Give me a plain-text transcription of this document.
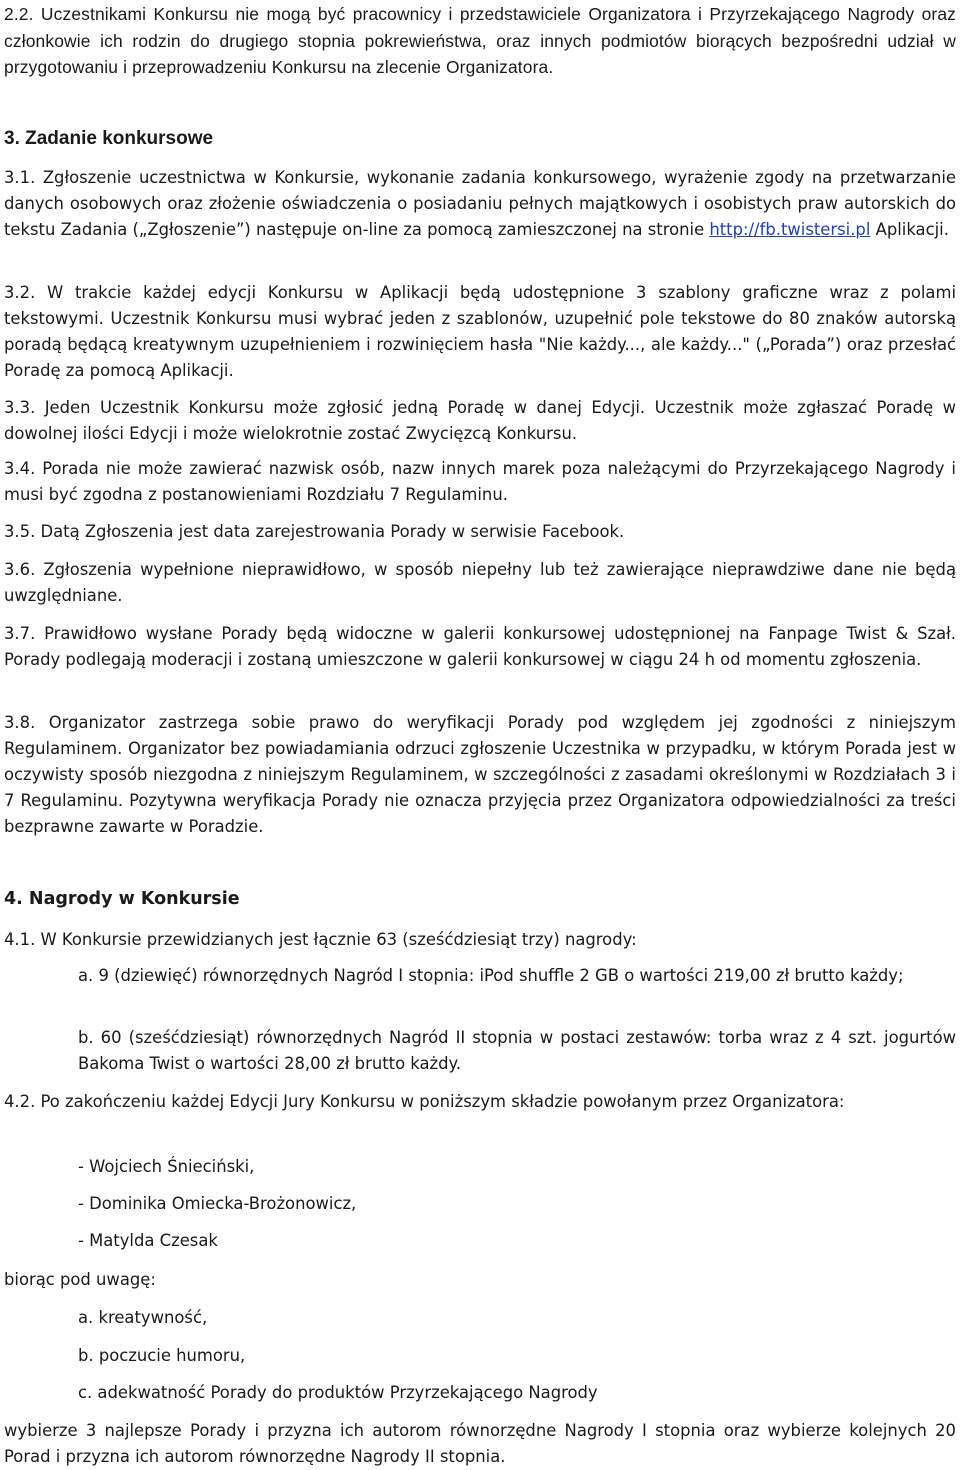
2.2. Uczestnikami Konkursu nie mogą być pracownicy i przedstawiciele Organizatora i Przyrzekającego Nagrody oraz członkowie ich rodzin do drugiego stopnia pokrewieństwa, oraz innych podmiotów biorących bezpośredni udział w przygotowaniu i przeprowadzeniu Konkursu na zlecenie Organizatora.

3. Zadanie konkursowe

3.1. Zgłoszenie uczestnictwa w Konkursie, wykonanie zadania konkursowego, wyrażenie zgody na przetwarzanie danych osobowych oraz złożenie oświadczenia o posiadaniu pełnych majątkowych i osobistych praw autorskich do tekstu Zadania („Zgłoszenie”) następuje on-line za pomocą zamieszczonej na stronie http://fb.twistersi.pl Aplikacji.

3.2. W trakcie każdej edycji Konkursu w Aplikacji będą udostępnione 3 szablony graficzne wraz z polami tekstowymi. Uczestnik Konkursu musi wybrać jeden z szablonów, uzupełnić pole tekstowe do 80 znaków autorską poradą będącą kreatywnym uzupełnieniem i rozwinięciem hasła "Nie każdy..., ale każdy..." („Porada”) oraz przesłać Poradę za pomocą Aplikacji.

3.3. Jeden Uczestnik Konkursu może zgłosić jedną Poradę w danej Edycji. Uczestnik może zgłaszać Poradę w dowolnej ilości Edycji i może wielokrotnie zostać Zwycięzcą Konkursu.

3.4. Porada nie może zawierać nazwisk osób, nazw innych marek poza należącymi do Przyrzekającego Nagrody i musi być zgodna z postanowieniami Rozdziału 7 Regulaminu.

3.5. Datą Zgłoszenia jest data zarejestrowania Porady w serwisie Facebook.

3.6. Zgłoszenia wypełnione nieprawidłowo, w sposób niepełny lub też zawierające nieprawdziwe dane nie będą uwzględniane.

3.7. Prawidłowo wysłane Porady będą widoczne w galerii konkursowej udostępnionej na Fanpage Twist & Szał. Porady podlegają moderacji i zostaną umieszczone w galerii konkursowej w ciągu 24 h od momentu zgłoszenia.

3.8. Organizator zastrzega sobie prawo do weryfikacji Porady pod względem jej zgodności z niniejszym Regulaminem. Organizator bez powiadamiania odrzuci zgłoszenie Uczestnika w przypadku, w którym Porada jest w oczywisty sposób niezgodna z niniejszym Regulaminem, w szczególności z zasadami określonymi w Rozdziałach 3 i 7 Regulaminu. Pozytywna weryfikacja Porady nie oznacza przyjęcia przez Organizatora odpowiedzialności za treści bezprawne zawarte w Poradzie.

4. Nagrody w Konkursie

4.1. W Konkursie przewidzianych jest łącznie 63 (sześćdziesiąt trzy) nagrody:

a. 9 (dziewięć) równorzędnych Nagród I stopnia: iPod shuffle 2 GB o wartości 219,00 zł brutto każdy;

b. 60 (sześćdziesiąt) równorzędnych Nagród II stopnia w postaci zestawów: torba wraz z 4 szt. jogurtów Bakoma Twist o wartości 28,00 zł brutto każdy.

4.2. Po zakończeniu każdej Edycji Jury Konkursu w poniższym składzie powołanym przez Organizatora:

- Wojciech Śnieciński,

- Dominika Omiecka-Brożonowicz,

- Matylda Czesak

biorąc pod uwagę:

a. kreatywność,

b. poczucie humoru,

c. adekwatność Porady do produktów Przyrzekającego Nagrody

wybierze 3 najlepsze Porady i przyzna ich autorom równorzędne Nagrody I stopnia oraz wybierze kolejnych 20 Porad i przyzna ich autorom równorzędne Nagrody II stopnia.
